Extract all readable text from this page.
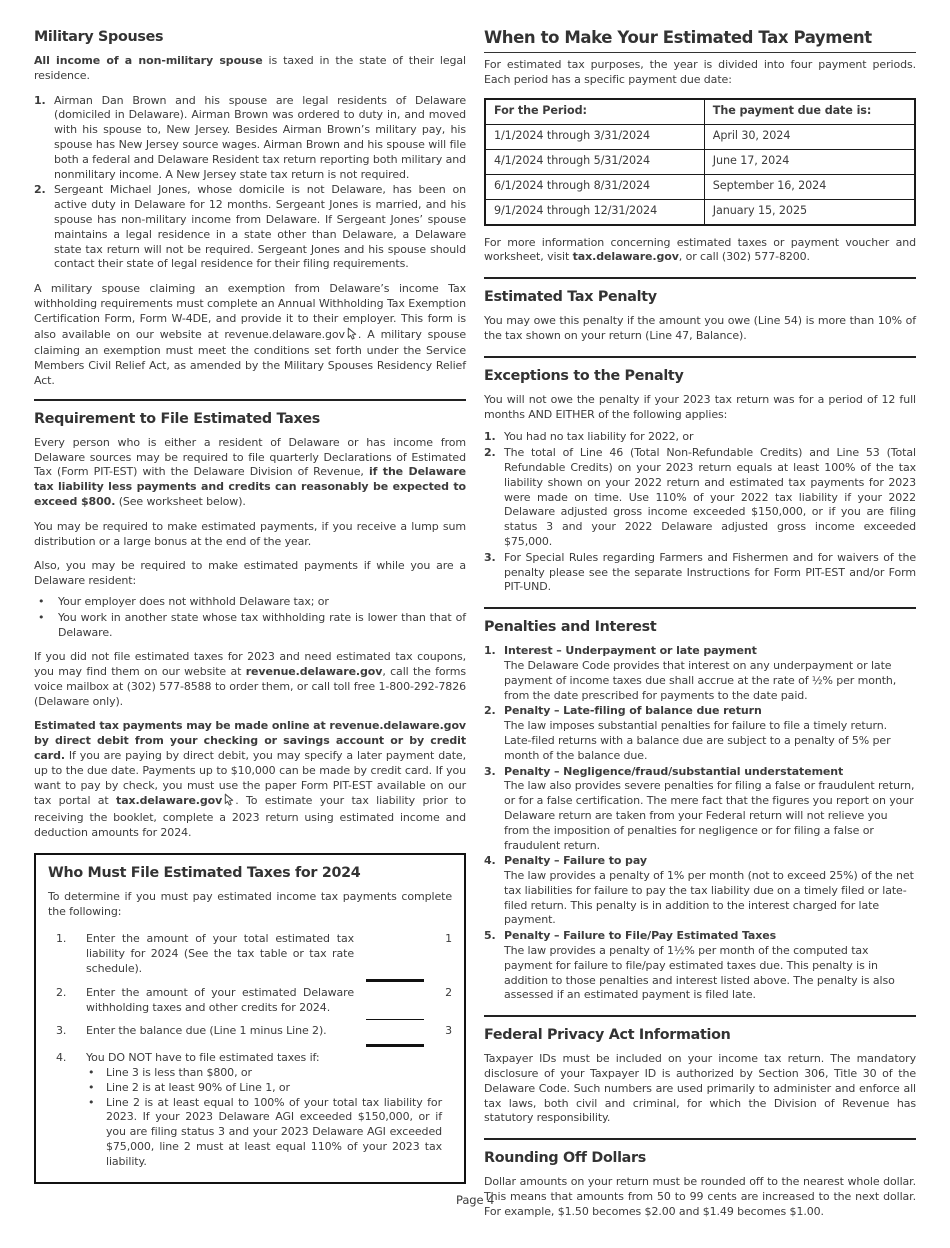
Military Spouses

All income of a non-military spouse is taxed in the state of their legal residence.

1. Airman Dan Brown and his spouse are legal residents of Delaware (domiciled in Delaware). Airman Brown was ordered to duty in, and moved with his spouse to, New Jersey. Besides Airman Brown’s military pay, his spouse has New Jersey source wages. Airman Brown and his spouse will file both a federal and Delaware Resident tax return reporting both military and nonmilitary income. A New Jersey state tax return is not required.
2. Sergeant Michael Jones, whose domicile is not Delaware, has been on active duty in Delaware for 12 months. Sergeant Jones is married, and his spouse has non-military income from Delaware. If Sergeant Jones’ spouse maintains a legal residence in a state other than Delaware, a Delaware state tax return will not be required. Sergeant Jones and his spouse should contact their state of legal residence for their filing requirements.

A military spouse claiming an exemption from Delaware’s income Tax withholding requirements must complete an Annual Withholding Tax Exemption Certification Form, Form W-4DE, and provide it to their employer. This form is also available on our website at revenue.delaware.gov . A military spouse claiming an exemption must meet the conditions set forth under the Service Members Civil Relief Act, as amended by the Military Spouses Residency Relief Act.

Requirement to File Estimated Taxes

Every person who is either a resident of Delaware or has income from Delaware sources may be required to file quarterly Declarations of Estimated Tax (Form PIT-EST) with the Delaware Division of Revenue, if the Delaware tax liability less payments and credits can reasonably be expected to exceed $800. (See worksheet below).

You may be required to make estimated payments, if you receive a lump sum distribution or a large bonus at the end of the year.

Also, you may be required to make estimated payments if while you are a Delaware resident:

•	Your employer does not withhold Delaware tax; or
•	You work in another state whose tax withholding rate is lower than that of Delaware.

If you did not file estimated taxes for 2023 and need estimated tax coupons, you may find them on our website at revenue.delaware.gov, call the forms voice mailbox at (302) 577-8588 to order them, or call toll free 1-800-292-7826 (Delaware only).

Estimated tax payments may be made online at revenue.delaware.gov by direct debit from your checking or savings account or by credit card. If you are paying by direct debit, you may specify a later payment date, up to the due date. Payments up to $10,000 can be made by credit card. If you want to pay by check, you must use the paper Form PIT-EST available on our tax portal at tax.delaware.gov . To estimate your tax liability prior to receiving the booklet, complete a 2023 return using estimated income and deduction amounts for 2024.

Who Must File Estimated Taxes for 2024

To determine if you must pay estimated income tax payments complete the following:

1.	Enter the amount of your total estimated tax liability for 2024 (See the tax table or tax rate schedule).
1
2.	Enter the amount of your estimated Delaware withholding taxes and other credits for 2024.
2
3.	Enter the balance due (Line 1 minus Line 2).	3
4.	You DO NOT have to file estimated taxes if:
•	Line 3 is less than $800, or
•	Line 2 is at least 90% of Line 1, or
•	Line 2 is at least equal to 100% of your total tax liability for 2023. If your 2023 Delaware AGI exceeded $150,000, or if you are filing status 3 and your 2023 Delaware AGI exceeded $75,000, line 2 must at least equal 110% of your 2023 tax liability.
When to Make Your Estimated Tax Payment

For estimated tax purposes, the year is divided into four payment periods. Each period has a specific payment due date:

For the Period:	The payment due date is:
1/1/2024 through 3/31/2024	April 30, 2024
4/1/2024 through 5/31/2024	June 17, 2024
6/1/2024 through 8/31/2024	September 16, 2024
9/1/2024 through 12/31/2024	January 15, 2025

For more information concerning estimated taxes or payment voucher and worksheet, visit tax.delaware.gov, or call (302) 577-8200.

Estimated Tax Penalty

You may owe this penalty if the amount you owe (Line 54) is more than 10% of the tax shown on your return (Line 47, Balance).

Exceptions to the Penalty

You will not owe the penalty if your 2023 tax return was for a period of 12 full months AND EITHER of the following applies:

1. You had no tax liability for 2022, or
2. The total of Line 46 (Total Non-Refundable Credits) and Line 53 (Total Refundable Credits) on your 2023 return equals at least 100% of the tax liability shown on your 2022 return and estimated tax payments for 2023 were made on time. Use 110% of your 2022 tax liability if your 2022 Delaware adjusted gross income exceeded $150,000, or if you are filing status 3 and your 2022 Delaware adjusted gross income exceeded $75,000.
3. For Special Rules regarding Farmers and Fishermen and for waivers of the penalty please see the separate Instructions for Form PIT-EST and/or Form PIT-UND.
Penalties and Interest
1. Interest – Underpayment or late payment
The Delaware Code provides that interest on any underpayment or late payment of income taxes due shall accrue at the rate of ½% per month, from the date prescribed for payments to the date paid.
2. Penalty – Late-filing of balance due return
The law imposes substantial penalties for failure to file a timely return. Late-filed returns with a balance due are subject to a penalty of 5% per month of the balance due.
3. Penalty – Negligence/fraud/substantial understatement
The law also provides severe penalties for filing a false or fraudulent return, or for a false certification. The mere fact that the figures you report on your Delaware return are taken from your Federal return will not relieve you from the imposition of penalties for negligence or for filing a false or fraudulent return.
4. Penalty – Failure to pay
The law provides a penalty of 1% per month (not to exceed 25%) of the net tax liabilities for failure to pay the tax liability due on a timely filed or late-filed return. This penalty is in addition to the interest charged for late payment.
5. Penalty – Failure to File/Pay Estimated Taxes
The law provides a penalty of 1½% per month of the computed tax payment for failure to file/pay estimated taxes due. This penalty is in addition to those penalties and interest listed above. The penalty is also assessed if an estimated payment is filed late.
Federal Privacy Act Information

Taxpayer IDs must be included on your income tax return. The mandatory disclosure of your Taxpayer ID is authorized by Section 306, Title 30 of the Delaware Code. Such numbers are used primarily to administer and enforce all tax laws, both civil and criminal, for which the Division of Revenue has statutory responsibility.

Rounding Off Dollars

Dollar amounts on your return must be rounded off to the nearest whole dollar. This means that amounts from 50 to 99 cents are increased to the next dollar. For example, $1.50 becomes $2.00 and $1.49 becomes $1.00.

Page 4
